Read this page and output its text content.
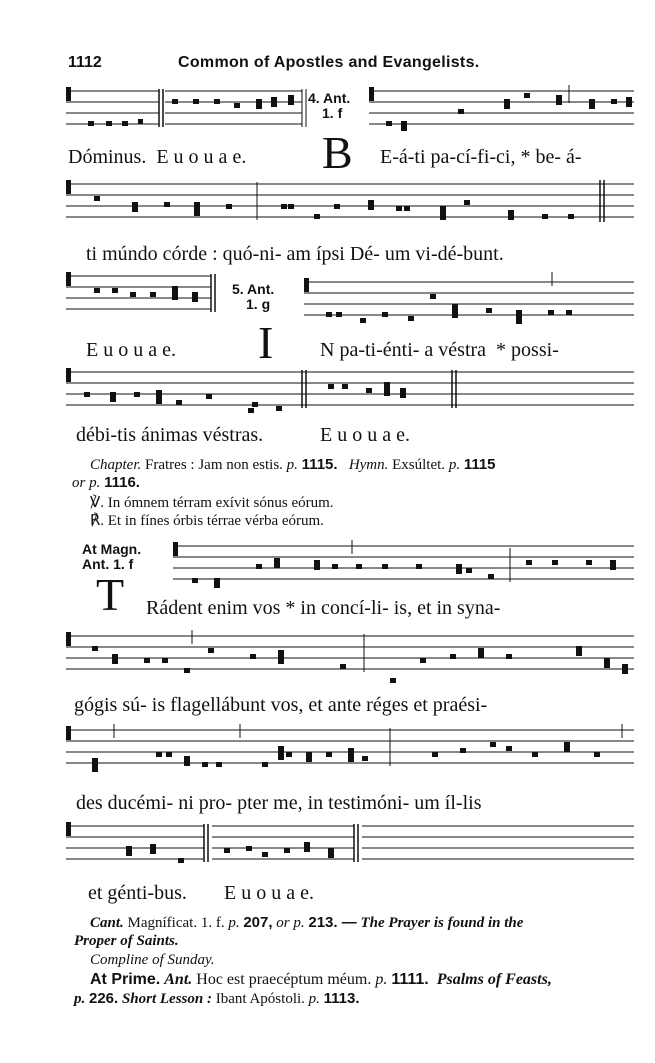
1112	Common of Apostles and Evangelists.
4. Ant.
1. f
B
Dóminus. E u o u a e.	E-á-ti pa-cí-fi-ci, * be- á-
ti múndo córde : quó-ni- am ípsi Dé- um vi-dé-bunt.
5. Ant.
1. g
I
E u o u a e.	N pa-ti-énti- a véstra * possi-
débi-tis ánimas véstras.	E u o u a e.
Chapter. Fratres : Jam non estis. p. 1115. Hymn. Exsúltet. p. 1115
or p. 1116.
℣. In ómnem térram exívit sónus eórum.
℟. Et in fínes órbis térrae vérba eórum.
At Magn.
Ant. 1. f
T Rádent enim vos * in concí-li- is, et in syna-
gógis sú- is flagellábunt vos, et ante réges et praési-
des ducémi- ni pro- pter me, in testimóni- um íl-lis
et génti-bus. E u o u a e.
Cant. Magníficat. 1. f. p. 207, or p. 213. — The Prayer is found in the
Proper of Saints.
Compline of Sunday.
At Prime. Ant. Hoc est praecéptum méum. p. 1111. Psalms of Feasts,
p. 226. Short Lesson : Ibant Apóstoli. p. 1113.
